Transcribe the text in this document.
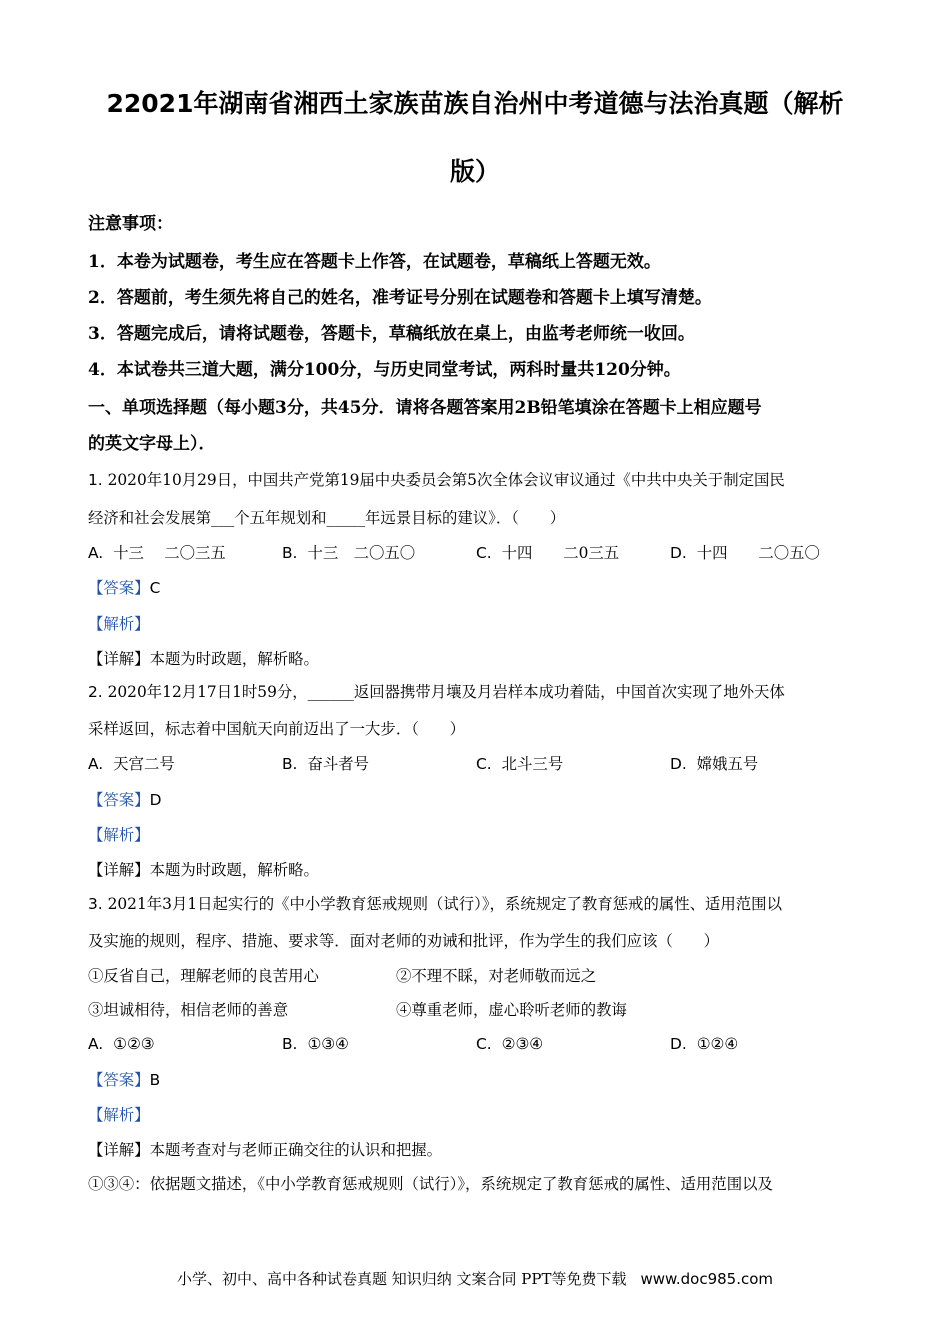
22021年湖南省湘西土家族苗族自治州中考道德与法治真题（解析
版）
注意事项：
1．本卷为试题卷，考生应在答题卡上作答，在试题卷，草稿纸上答题无效。
2．答题前，考生须先将自己的姓名，准考证号分别在试题卷和答题卡上填写清楚。
3．答题完成后，请将试题卷，答题卡，草稿纸放在桌上，由监考老师统一收回。
4．本试卷共三道大题，满分100分，与历史同堂考试，两科时量共120分钟。
一、单项选择题（每小题3分，共45分．请将各题答案用2B铅笔填涂在答题卡上相应题号
的英文字母上）．
1. 2020年10月29日，中国共产党第19届中央委员会第5次全体会议审议通过《中共中央关于制定国民
经济和社会发展第___个五年规划和_____年远景目标的建议》．（　　）
A. 十三　 二〇三五	B. 十三　二〇五〇	C. 十四　　二0三五	D. 十四　　二〇五〇
【答案】C
【解析】
【详解】本题为时政题，解析略。
2. 2020年12月17日1时59分，______返回器携带月壤及月岩样本成功着陆，中国首次实现了地外天体
采样返回，标志着中国航天向前迈出了一大步．（　　）
A. 天宫二号	B. 奋斗者号	C. 北斗三号	D. 嫦娥五号
【答案】D
【解析】
【详解】本题为时政题，解析略。
3. 2021年3月1日起实行的《中小学教育惩戒规则（试行）》，系统规定了教育惩戒的属性、适用范围以
及实施的规则，程序、措施、要求等．面对老师的劝诫和批评，作为学生的我们应该（　　）
①反省自己，理解老师的良苦用心	②不理不睬，对老师敬而远之
③坦诚相待，相信老师的善意	④尊重老师，虚心聆听老师的教诲
A. ①②③	B. ①③④	C. ②③④	D. ①②④
【答案】B
【解析】
【详解】本题考查对与老师正确交往的认识和把握。
①③④：依据题文描述，《中小学教育惩戒规则（试行）》，系统规定了教育惩戒的属性、适用范围以及
小学、初中、高中各种试卷真题 知识归纳 文案合同 PPT等免费下载 www.doc985.com
